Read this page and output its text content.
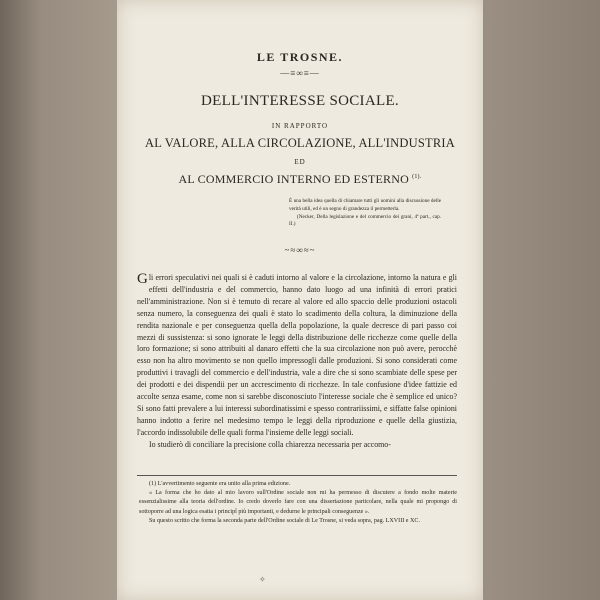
LE TROSNE.
—≡∞≡—
DELL'INTERESSE SOCIALE.
IN RAPPORTO
AL VALORE, ALLA CIRCOLAZIONE, ALL'INDUSTRIA
ED
AL COMMERCIO INTERNO ED ESTERNO $^{(1).}$
È una bella idea quella di chiamare tutti gli uomini alla discussione delle verità utili, ed è un segno di grandezza il permetterla.
(Necker, Della legislazione e del commercio dei grani, 4ª part., cap. II.)
~≈∞≈~

Gli errori speculativi nei quali si è caduti intorno al valore e la circolazione, intorno la natura e gli effetti dell'industria e del commercio, hanno dato luogo ad una infinità di errori pratici nell'amministrazione. Non si è temuto di recare al valore ed allo spaccio delle produzioni ostacoli senza numero, la conseguenza dei quali è stato lo scadimento della coltura, la diminuzione della rendita nazionale e per conseguenza quella della popolazione, la quale decresce di pari passo coi mezzi di sussistenza: si sono ignorate le leggi della distribuzione delle ricchezze come quelle della loro formazione; si sono attribuiti al danaro effetti che la sua circolazione non può avere, perocchè esso non ha altro movimento se non quello impressogli dalle produzioni. Si sono considerati come produttivi i travagli del commercio e dell'industria, vale a dire che si sono scambiate delle spese per dei prodotti e dei dispendii per un accrescimento di ricchezze. In tale confusione d'idee fattizie ed accolte senza esame, come non si sarebbe disconosciuto l'interesse sociale che è semplice ed unico? Si sono fatti prevalere a lui interessi subordinatissimi e spesso contrariissimi, e siffatte false opinioni hanno indotto a ferire nel medesimo tempo le leggi della riproduzione e quelle della giustizia, l'accordo indissolubile delle quali forma l'insieme delle leggi sociali.

Io studierò di conciliare la precisione colla chiarezza necessaria per accomo-

(1) L'avvertimento seguente era unito alla prima edizione.

« La forma che ho dato al mio lavoro sull'Ordine sociale non mi ha permesso di discutere a fondo molte materie essenzialissime alla teoria dell'ordine. Io credo doverlo fare con una dissertazione particolare, nella quale mi propongo di sottoporre ad una logica esatta i principî più importanti, e dedurne le principali conseguenze ».

Su questo scritto che forma la seconda parte dell'Ordine sociale di Le Trosne, si veda sopra, pag. LXVIII e XC.

✧
